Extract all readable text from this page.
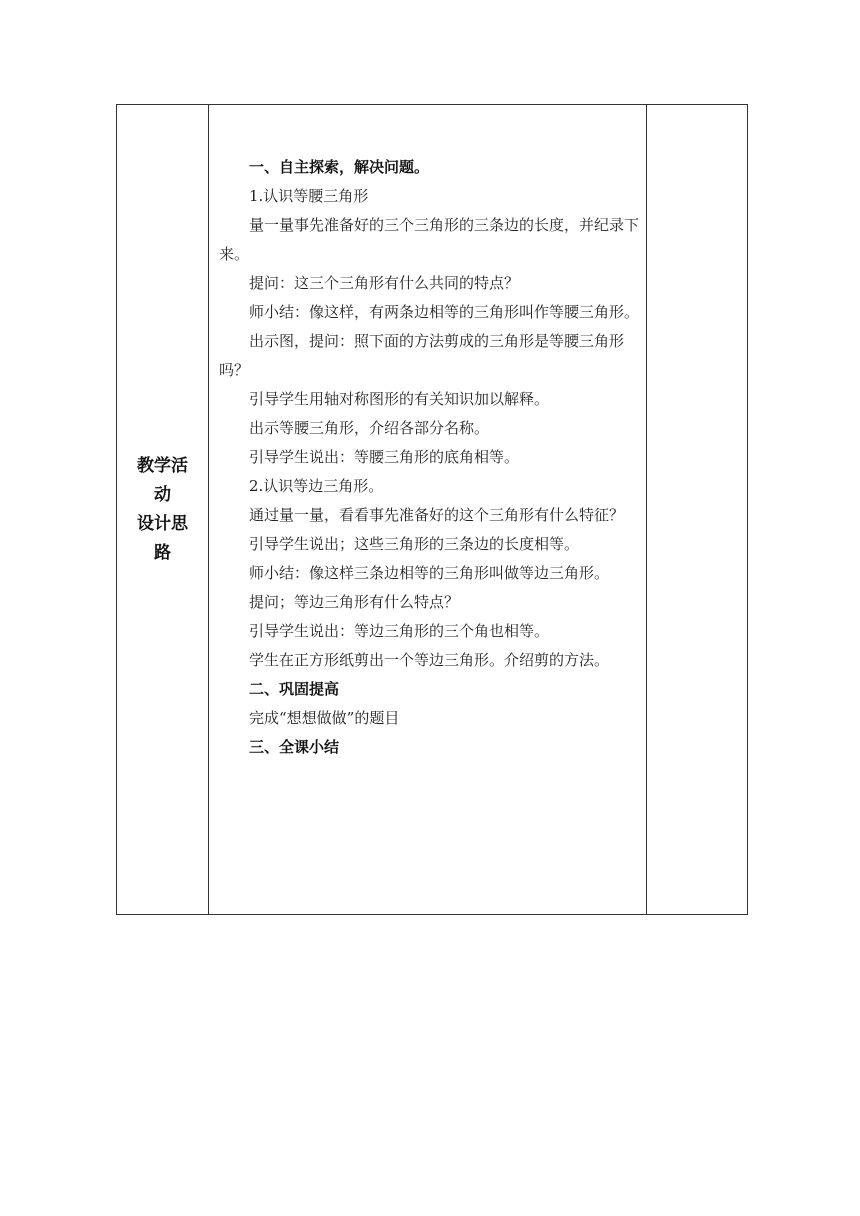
教学活
动
设计思
路

一、自主探索，解决问题。

1.认识等腰三角形

量一量事先准备好的三个三角形的三条边的长度，并纪录下来。

提问：这三个三角形有什么共同的特点？

师小结：像这样，有两条边相等的三角形叫作等腰三角形。

出示图，提问：照下面的方法剪成的三角形是等腰三角形吗？

引导学生用轴对称图形的有关知识加以解释。

出示等腰三角形，介绍各部分名称。

引导学生说出：等腰三角形的底角相等。

2.认识等边三角形。

通过量一量，看看事先准备好的这个三角形有什么特征？

引导学生说出；这些三角形的三条边的长度相等。

师小结：像这样三条边相等的三角形叫做等边三角形。

提问；等边三角形有什么特点？

引导学生说出：等边三角形的三个角也相等。

学生在正方形纸剪出一个等边三角形。介绍剪的方法。

二、巩固提高

完成“想想做做”的题目

三、全课小结
